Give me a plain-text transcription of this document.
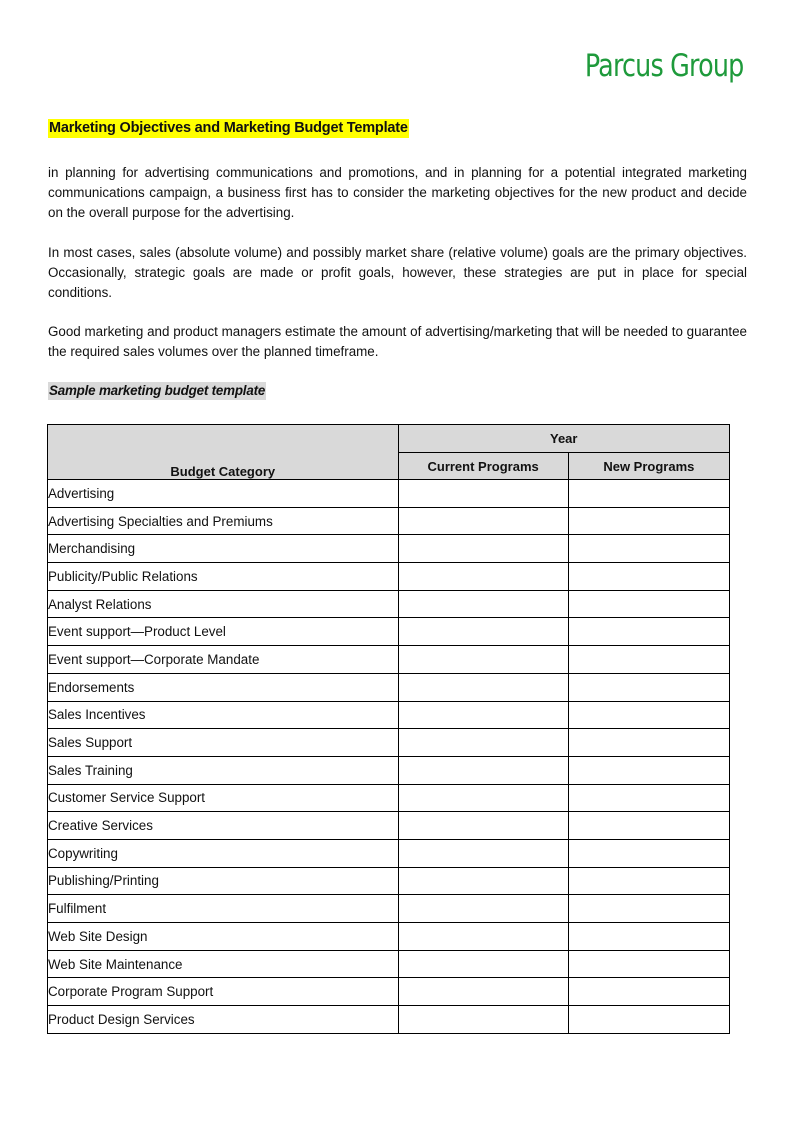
Parcus Group
Marketing Objectives and Marketing Budget Template

in planning for advertising communications and promotions, and in planning for a potential integrated marketing communications campaign, a business first has to consider the marketing objectives for the new product and decide on the overall purpose for the advertising.

In most cases, sales (absolute volume) and possibly market share (relative volume) goals are the primary objectives. Occasionally, strategic goals are made or profit goals, however, these strategies are put in place for special conditions.

Good marketing and product managers estimate the amount of advertising/marketing that will be needed to guarantee the required sales volumes over the planned timeframe.

Sample marketing budget template
Budget Category	Year	
	Current Programs	New Programs
Advertising		
Advertising Specialties and Premiums		
Merchandising		
Publicity/Public Relations		
Analyst Relations		
Event support—Product Level		
Event support—Corporate Mandate		
Endorsements		
Sales Incentives		
Sales Support		
Sales Training		
Customer Service Support		
Creative Services		
Copywriting		
Publishing/Printing		
Fulfilment		
Web Site Design		
Web Site Maintenance		
Corporate Program Support		
Product Design Services		
